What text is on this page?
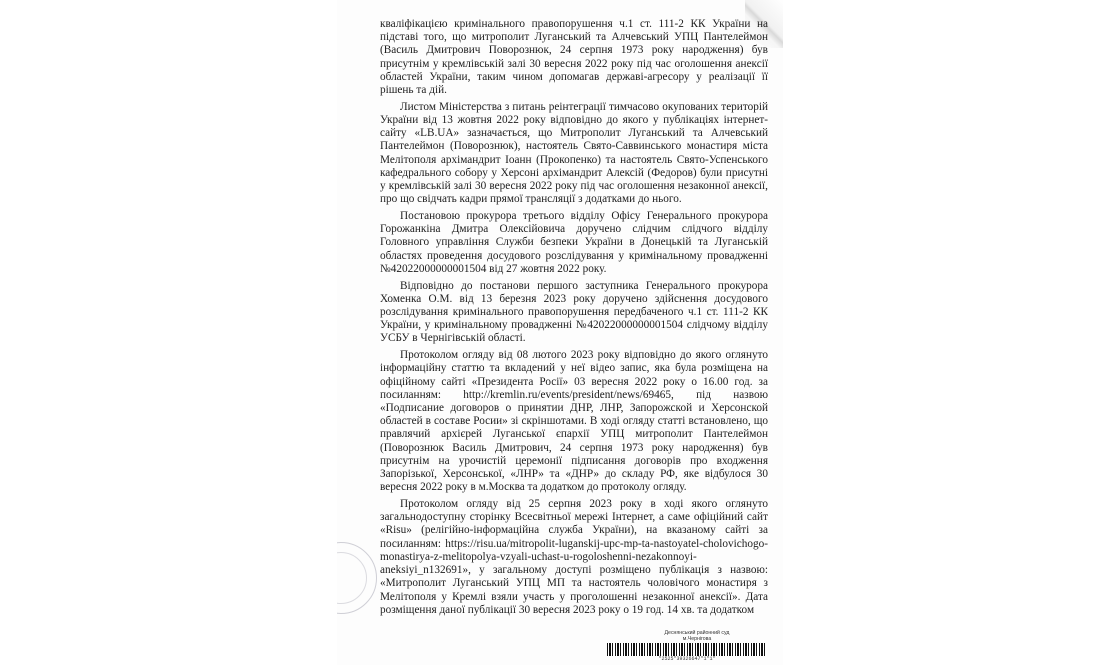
кваліфікацією кримінального правопорушення ч.1 ст. 111-2 КК України на підставі того, що митрополит Луганський та Алчевський УПЦ Пантелеймон (Василь Дмитрович Поворознюк, 24 серпня 1973 року народження) був присутнім у кремлівській залі 30 вересня 2022 року під час оголошення анексії областей України, таким чином допомагав державі-агресору у реалізації її рішень та дій.

Листом Міністерства з питань реінтеграції тимчасово окупованих територій України від 13 жовтня 2022 року відповідно до якого у публікаціях інтернет-сайту «LB.UA» зазначається, що Митрополит Луганський та Алчевський Пантелеймон (Поворознюк), настоятель Свято-Саввинського монастиря міста Мелітополя архімандрит Іоанн (Прокопенко) та настоятель Свято-Успенського кафедрального собору у Херсоні архімандрит Алексій (Федоров) були присутні у кремлівській залі 30 вересня 2022 року під час оголошення незаконної анексії, про що свідчать кадри прямої трансляції з додатками до нього.

Постановою прокурора третього відділу Офісу Генерального прокурора Горожанкіна Дмитра Олексійовича доручено слідчим слідчого відділу Головного управління Служби безпеки України в Донецькій та Луганській областях проведення досудового розслідування у кримінальному провадженні №42022000000001504 від 27 жовтня 2022 року.

Відповідно до постанови першого заступника Генерального прокурора Хоменка О.М. від 13 березня 2023 року доручено здійснення досудового розслідування кримінального правопорушення передбаченого ч.1 ст. 111-2 КК України, у кримінальному провадженні №42022000000001504 слідчому відділу УСБУ в Чернігівській області.

Протоколом огляду від 08 лютого 2023 року відповідно до якого оглянуто інформаційну статтю та вкладений у неї відео запис, яка була розміщена на офіційному сайті «Президента Росії» 03 вересня 2022 року о 16.00 год. за посиланням: http://kremlin.ru/events/president/news/69465, під назвою «Подписание договоров о принятии ДНР, ЛНР, Запорожской и Херсонской областей в составе Росии» зі скріншотами. В ході огляду статті встановлено, що правлячий архієрей Луганської єпархії УПЦ митрополит Пантелеймон (Поворознюк Василь Дмитрович, 24 серпня 1973 року народження) був присутнім на урочистій церемонії підписання договорів про входження Запорізької, Херсонської, «ЛНР» та «ДНР» до складу РФ, яке відбулося 30 вересня 2022 року в м.Москва та додатком до протоколу огляду.

Протоколом огляду від 25 серпня 2023 року в ході якого оглянуто загальнодоступну сторінку Всесвітньої мережі Інтернет, а саме офіційний сайт «Risu» (релігійно-інформаційна служба України), на вказаному сайті за посиланням: https://risu.ua/mitropolit-luganskij-upc-mp-ta-nastoyatel-cholovichogo-monastirya-z-melitopolya-vzyali-uchast-u-rogoloshenni-nezakonnoyi-aneksiyi_n132691», у загальному доступі розміщено публікація з назвою: «Митрополит Луганський УПЦ МП та настоятель чоловічого монастиря з Мелітополя у Кремлі взяли участь у проголошенні незаконної анексії». Дата розміщення даної публікації 30 вересня 2023 року о 19 год. 14 хв. та додатком

Деснянський районний суд
м.Чернігова
*2525*39326647*1*1*
